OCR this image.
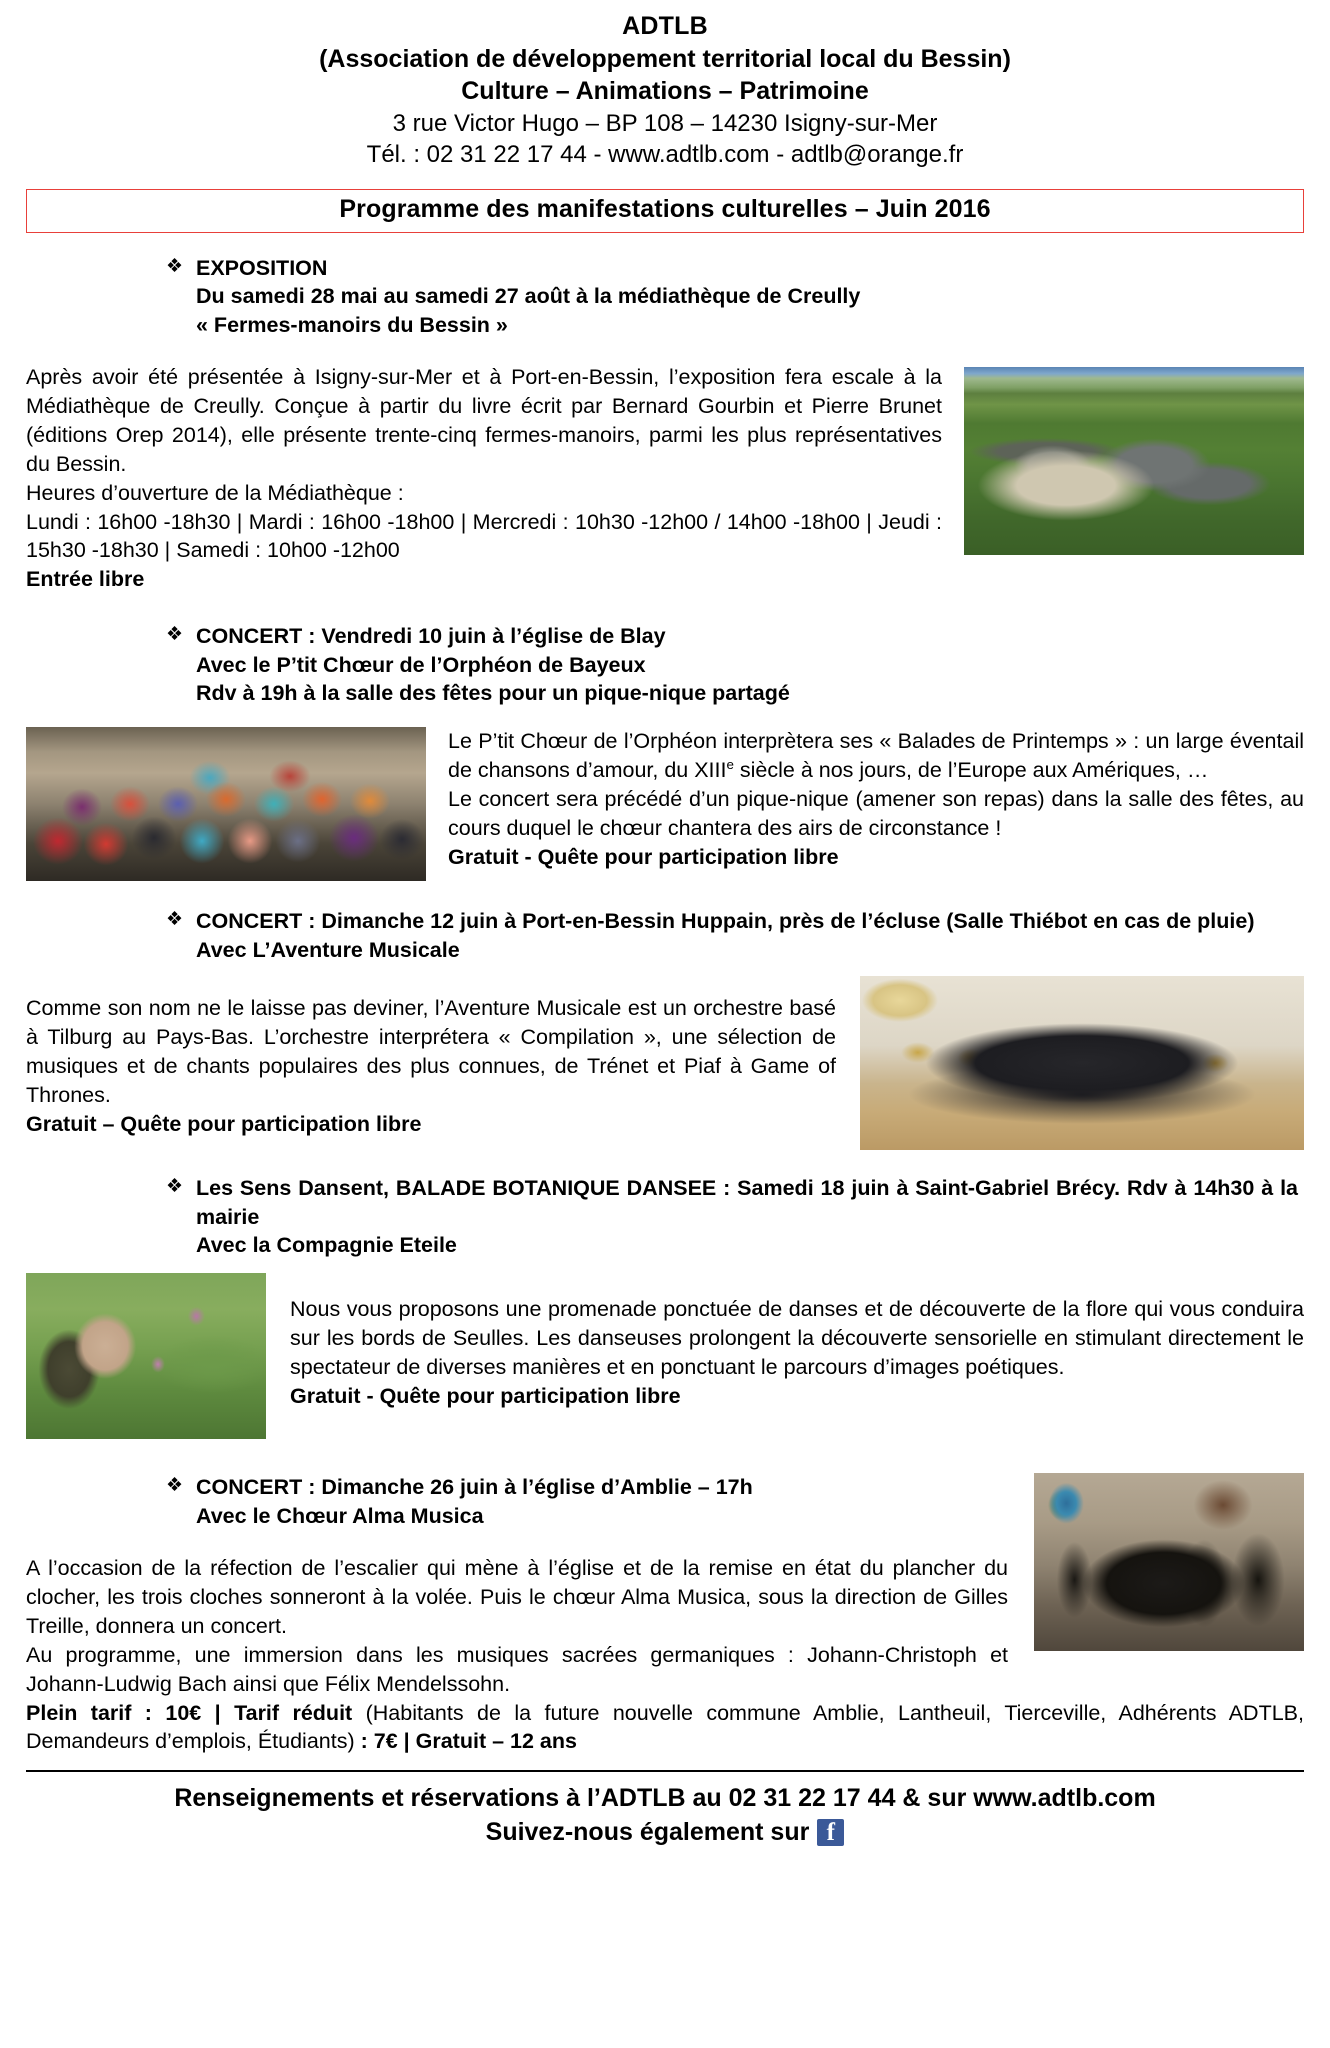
ADTLB
(Association de développement territorial local du Bessin)
Culture – Animations – Patrimoine
3 rue Victor Hugo – BP 108 – 14230 Isigny-sur-Mer
Tél. : 02 31 22 17 44 - www.adtlb.com - adtlb@orange.fr
Programme des manifestations culturelles – Juin 2016
❖ EXPOSITION
Du samedi 28 mai au samedi 27 août à la médiathèque de Creully
« Fermes-manoirs du Bessin »
Après avoir été présentée à Isigny-sur-Mer et à Port-en-Bessin, l’exposition fera escale à la Médiathèque de Creully. Conçue à partir du livre écrit par Bernard Gourbin et Pierre Brunet (éditions Orep 2014), elle présente trente-cinq fermes-manoirs, parmi les plus représentatives du Bessin.
Heures d’ouverture de la Médiathèque :
Lundi : 16h00 -18h30 | Mardi : 16h00 -18h00 | Mercredi : 10h30 -12h00 / 14h00 -18h00 | Jeudi : 15h30 -18h30 | Samedi : 10h00 -12h00
Entrée libre
❖ CONCERT : Vendredi 10 juin à l’église de Blay
Avec le P’tit Chœur de l’Orphéon de Bayeux
Rdv à 19h à la salle des fêtes pour un pique-nique partagé
Le P’tit Chœur de l’Orphéon interprètera ses « Balades de Printemps » : un large éventail de chansons d’amour, du XIIIe siècle à nos jours, de l’Europe aux Amériques, …
Le concert sera précédé d’un pique-nique (amener son repas) dans la salle des fêtes, au cours duquel le chœur chantera des airs de circonstance !
Gratuit - Quête pour participation libre
❖ CONCERT : Dimanche 12 juin à Port-en-Bessin Huppain, près de l’écluse (Salle Thiébot en cas de pluie)
Avec L’Aventure Musicale
Comme son nom ne le laisse pas deviner, l’Aventure Musicale est un orchestre basé à Tilburg au Pays-Bas. L’orchestre interprétera « Compilation », une sélection de musiques et de chants populaires des plus connues, de Trénet et Piaf à Game of Thrones.
Gratuit – Quête pour participation libre
❖ Les Sens Dansent, BALADE BOTANIQUE DANSEE : Samedi 18 juin à Saint-Gabriel Brécy. Rdv à 14h30 à la mairie
Avec la Compagnie Eteile
Nous vous proposons une promenade ponctuée de danses et de découverte de la flore qui vous conduira sur les bords de Seulles. Les danseuses prolongent la découverte sensorielle en stimulant directement le spectateur de diverses manières et en ponctuant le parcours d’images poétiques.
Gratuit - Quête pour participation libre
❖ CONCERT : Dimanche 26 juin à l’église d’Amblie – 17h
Avec le Chœur Alma Musica
A l’occasion de la réfection de l’escalier qui mène à l’église et de la remise en état du plancher du clocher, les trois cloches sonneront à la volée. Puis le chœur Alma Musica, sous la direction de Gilles Treille, donnera un concert.
Au programme, une immersion dans les musiques sacrées germaniques : Johann-Christoph et Johann-Ludwig Bach ainsi que Félix Mendelssohn.
Plein tarif : 10€ | Tarif réduit (Habitants de la future nouvelle commune Amblie, Lantheuil, Tierceville, Adhérents ADTLB, Demandeurs d’emplois, Étudiants) : 7€ | Gratuit – 12 ans
Renseignements et réservations à l’ADTLB au 02 31 22 17 44 & sur www.adtlb.com
Suivez-nous également sur
f
